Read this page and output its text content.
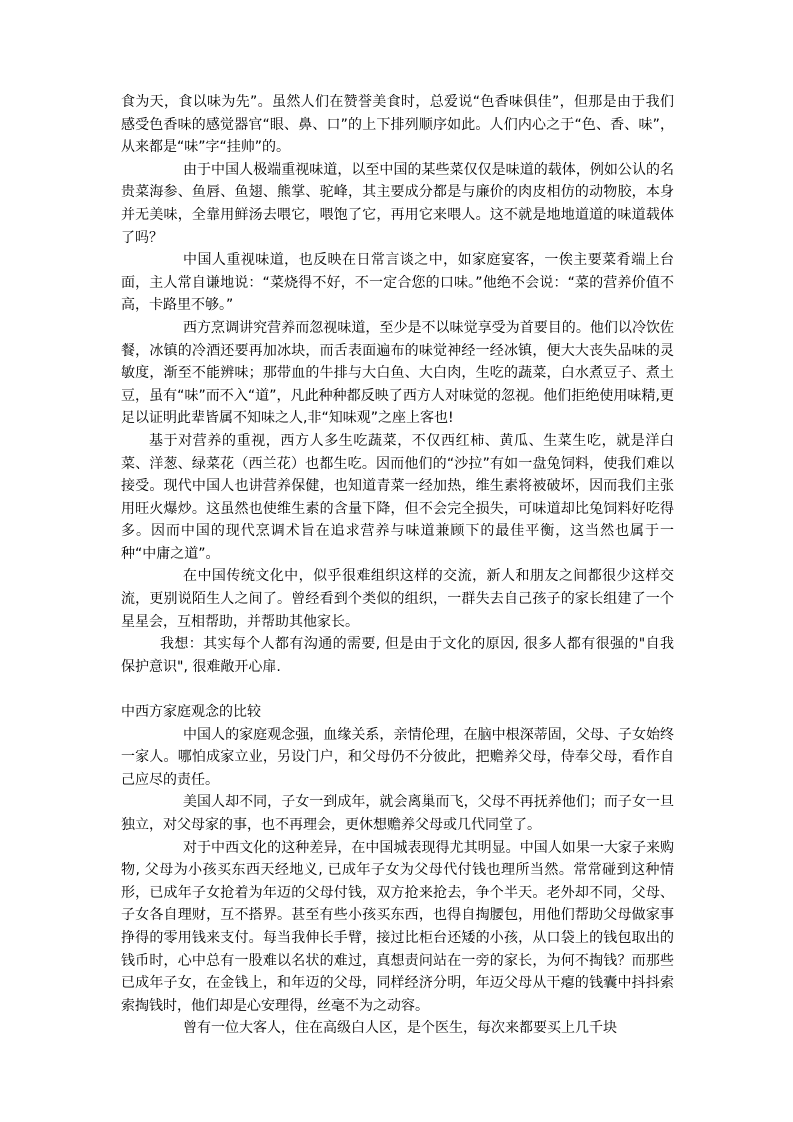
食为天，食以味为先”。虽然人们在赞誉美食时，总爱说“色香味俱佳”，但那是由于我们感受色香味的感觉器官“眼、鼻、口”的上下排列顺序如此。人们内心之于“色、香、味”，从来都是“味”字“挂帅”的。

由于中国人极端重视味道，以至中国的某些菜仅仅是味道的载体，例如公认的名贵菜海参、鱼唇、鱼翅、熊掌、驼峰，其主要成分都是与廉价的肉皮相仿的动物胶，本身并无美味，全靠用鲜汤去喂它，喂饱了它，再用它来喂人。这不就是地地道道的味道载体了吗？

中国人重视味道，也反映在日常言谈之中，如家庭宴客，一俟主要菜肴端上台面，主人常自谦地说：“菜烧得不好，不一定合您的口味。”他绝不会说：“菜的营养价值不高，卡路里不够。”

西方烹调讲究营养而忽视味道，至少是不以味觉享受为首要目的。他们以冷饮佐餐，冰镇的冷酒还要再加冰块，而舌表面遍布的味觉神经一经冰镇，便大大丧失品味的灵敏度，渐至不能辨味；那带血的牛排与大白鱼、大白肉，生吃的蔬菜，白水煮豆子、煮土豆，虽有“味”而不入“道”，凡此种种都反映了西方人对味觉的忽视。他们拒绝使用味精,更足以证明此辈皆属不知味之人,非“知味观”之座上客也!

基于对营养的重视，西方人多生吃蔬菜，不仅西红柿、黄瓜、生菜生吃，就是洋白菜、洋葱、绿菜花（西兰花）也都生吃。因而他们的“沙拉”有如一盘兔饲料，使我们难以接受。现代中国人也讲营养保健，也知道青菜一经加热，维生素将被破坏，因而我们主张用旺火爆炒。这虽然也使维生素的含量下降，但不会完全损失，可味道却比兔饲料好吃得多。因而中国的现代烹调术旨在追求营养与味道兼顾下的最佳平衡，这当然也属于一种“中庸之道”。

在中国传统文化中，似乎很难组织这样的交流，新人和朋友之间都很少这样交流，更别说陌生人之间了。曾经看到个类似的组织，一群失去自己孩子的家长组建了一个星星会，互相帮助，并帮助其他家长。

我想：其实每个人都有沟通的需要, 但是由于文化的原因, 很多人都有很强的"自我保护意识", 很难敞开心扉.

中西方家庭观念的比较

中国人的家庭观念强，血缘关系，亲情伦理，在脑中根深蒂固，父母、子女始终一家人。哪怕成家立业，另设门户，和父母仍不分彼此，把赡养父母，侍奉父母，看作自己应尽的责任。

美国人却不同，子女一到成年，就会离巢而飞，父母不再抚养他们；而子女一旦独立，对父母家的事，也不再理会，更休想赡养父母或几代同堂了。

对于中西文化的这种差异，在中国城表现得尤其明显。中国人如果一大家子来购物, 父母为小孩买东西天经地义, 已成年子女为父母代付钱也理所当然。常常碰到这种情形，已成年子女抢着为年迈的父母付钱，双方抢来抢去，争个半天。老外却不同，父母、子女各自理财，互不搭界。甚至有些小孩买东西，也得自掏腰包，用他们帮助父母做家事挣得的零用钱来支付。每当我伸长手臂，接过比柜台还矮的小孩，从口袋上的钱包取出的钱币时，心中总有一股难以名状的难过，真想责问站在一旁的家长，为何不掏钱？而那些已成年子女，在金钱上，和年迈的父母，同样经济分明，年迈父母从干瘪的钱囊中抖抖索索掏钱时，他们却是心安理得，丝毫不为之动容。

曾有一位大客人，住在高级白人区，是个医生，每次来都要买上几千块
